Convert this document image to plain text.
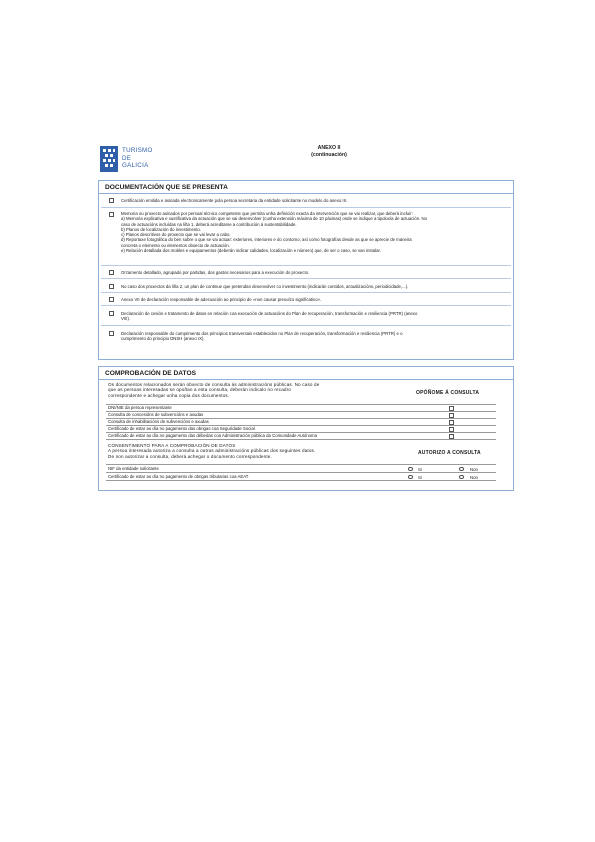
TURISMO
DE
GALICIA
ANEXO II
(continuación)
DOCUMENTACIÓN QUE SE PRESENTA
Certificación emitida e asinada electronicamente pola persoa secretaria da entidade solicitante no modelo do anexo III.
Memoria ou proxecto asinados por persoal técnico competente que permita unha definición exacta da intervención que se vai realizar, que deberá incluír:
a) Memoria explicativa e xustificativa da actuación que se vai desenvolver (cunha extensión máxima de 10 páxinas) onde se indique a tipoloxía de actuación. No
caso de actuacións incluídas na liña 1, deberá acreditarse a contribución á sustentabilidade.
b) Planos de localización do investimento.
c) Planos descritivos do proxecto que se vai levar a cabo.
d) Reportaxe fotográfica do ben sobre o que se vai actuar: exteriores, interiores e do contorno, así como fotografías desde as que se aprecie de maneira
concreta o elemento ou elementos obxecto de actuación.
e) Relación detallada dos mobles e equipamentos (deberán indicar calidades, localización e número) que, de ser o caso, se van instalar.
Orzamento detallado, agrupado por partidas, dos gastos necesarios para a execución do proxecto.
No caso dos proxectos da liña 2, un plan de continue que pretendan desenvolver co investimento (indicarán contidos, actualizacións, periodicidade,...).
Anexo VII de declaración responsable de adecuación ao principio de «non causar prexuízo significativo».
Declaración de cesión e tratamento de datos en relación coa execución de actuacións do Plan de recuperación, transformación e resiliencia (PRTR) (anexo
VIII).
Declaración responsable do cumprimento dos principios transversais establecidos no Plan de recuperación, transformación e resiliencia (PRTR) e o
cumprimento do principio DNSH (anexo IX).
COMPROBACIÓN DE DATOS
Os documentos relacionados serán obxecto de consulta ás administracións públicas. No caso de
que as persoas interesadas se opoñan a esta consulta, deberán indicalo no recadro
correspondente e achegar unha copia dos documentos.	OPÓÑOME Á CONSULTA
DNI/NIE da persoa representante
Consulta de concesións de subvencións e axudas
Consulta de inhabilitacións de subvencións e axudas
Certificado de estar ao día no pagamento das obrigas coa Seguridade Social
Certificado de estar ao día no pagamento das débedas coa Administración pública da Comunidade Autónoma
CONSENTIMENTO PARA A COMPROBACIÓN DE DATOS
A persoa interesada autoriza a consulta a outras administracións públicas dos seguintes datos.
De non autorizar a consulta, deberá achegar o documento correspondente.
AUTORIZO A CONSULTA
NIF da entidade solicitante	Si	Non
Certificado de estar ao día no pagamento de obrigas tributarias coa AEAT	Si	Non
